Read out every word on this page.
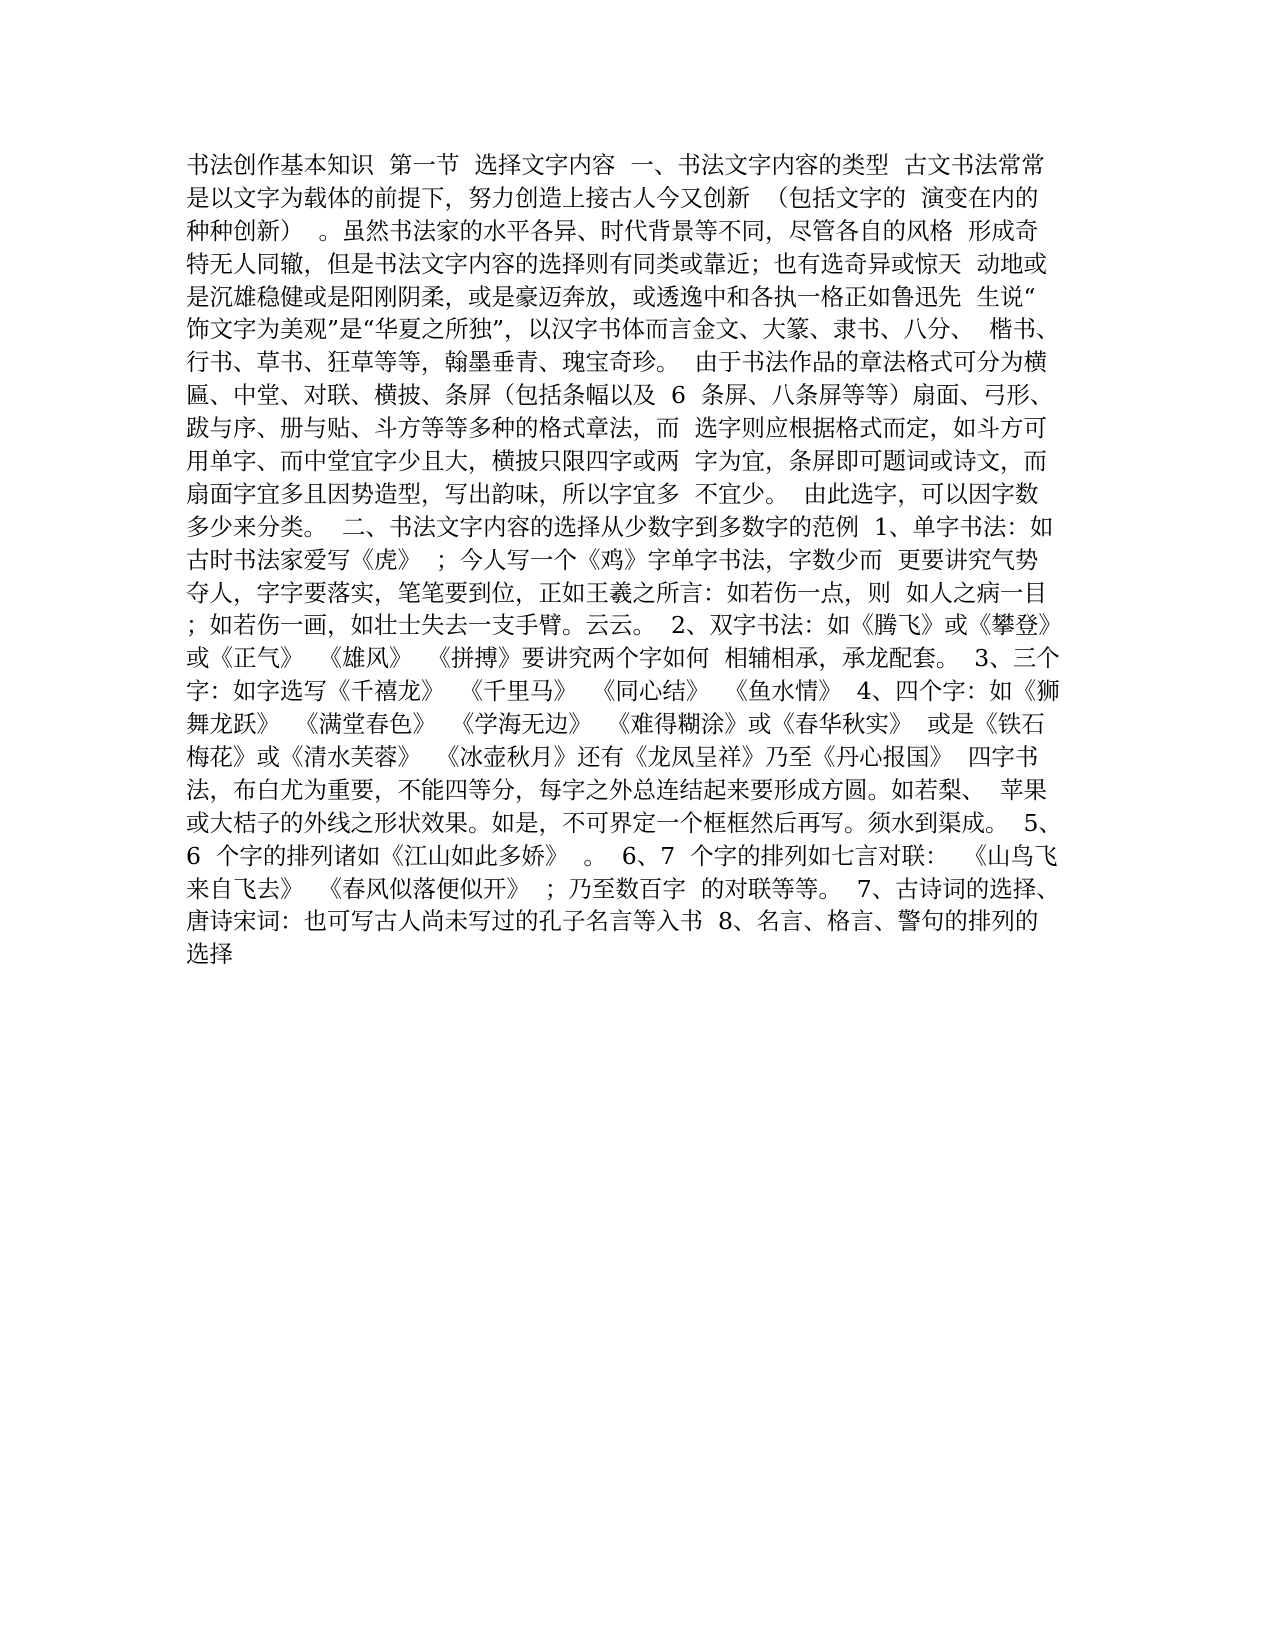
书法创作基本知识  第一节  选择文字内容  一、书法文字内容的类型  古文书法常常
是以文字为载体的前提下，努力创造上接古人今又创新  （包括文字的  演变在内的
种种创新）  。虽然书法家的水平各异、时代背景等不同，尽管各自的风格  形成奇
特无人同辙，但是书法文字内容的选择则有同类或靠近；也有选奇异或惊天  动地或
是沉雄稳健或是阳刚阴柔，或是豪迈奔放，或透逸中和各执一格正如鲁迅先  生说“
饰文字为美观”是“华夏之所独”，以汉字书体而言金文、大篆、隶书、八分、  楷书、
行书、草书、狂草等等，翰墨垂青、瑰宝奇珍。  由于书法作品的章法格式可分为横
匾、中堂、对联、横披、条屏（包括条幅以及  6  条屏、八条屏等等）扇面、弓形、
跋与序、册与贴、斗方等等多种的格式章法，而  选字则应根据格式而定，如斗方可
用单字、而中堂宜字少且大，横披只限四字或两  字为宜，条屏即可题词或诗文，而
扇面字宜多且因势造型，写出韵味，所以字宜多  不宜少。  由此选字，可以因字数
多少来分类。  二、书法文字内容的选择从少数字到多数字的范例  1、单字书法：如
古时书法家爱写《虎》  ；今人写一个《鸡》字单字书法，字数少而  更要讲究气势
夺人，字字要落实，笔笔要到位，正如王羲之所言：如若伤一点，则  如人之病一目
；如若伤一画，如壮士失去一支手臂。云云。  2、双字书法：如《腾飞》或《攀登》
或《正气》  《雄风》  《拼搏》要讲究两个字如何  相辅相承，承龙配套。  3、三个
字：如字选写《千禧龙》  《千里马》  《同心结》  《鱼水情》  4、四个字：如《狮
舞龙跃》  《满堂春色》  《学海无边》  《难得糊涂》或《春华秋实》  或是《铁石
梅花》或《清水芙蓉》  《冰壶秋月》还有《龙凤呈祥》乃至《丹心报国》  四字书
法，布白尤为重要，不能四等分，每字之外总连结起来要形成方圆。如若梨、  苹果
或大桔子的外线之形状效果。如是，不可界定一个框框然后再写。须水到渠成。  5、
6  个字的排列诸如《江山如此多娇》  。  6、7  个字的排列如七言对联：  《山鸟飞
来自飞去》  《春风似落便似开》  ；乃至数百字  的对联等等。  7、古诗词的选择、
唐诗宋词：也可写古人尚未写过的孔子名言等入书  8、名言、格言、警句的排列的
选择
